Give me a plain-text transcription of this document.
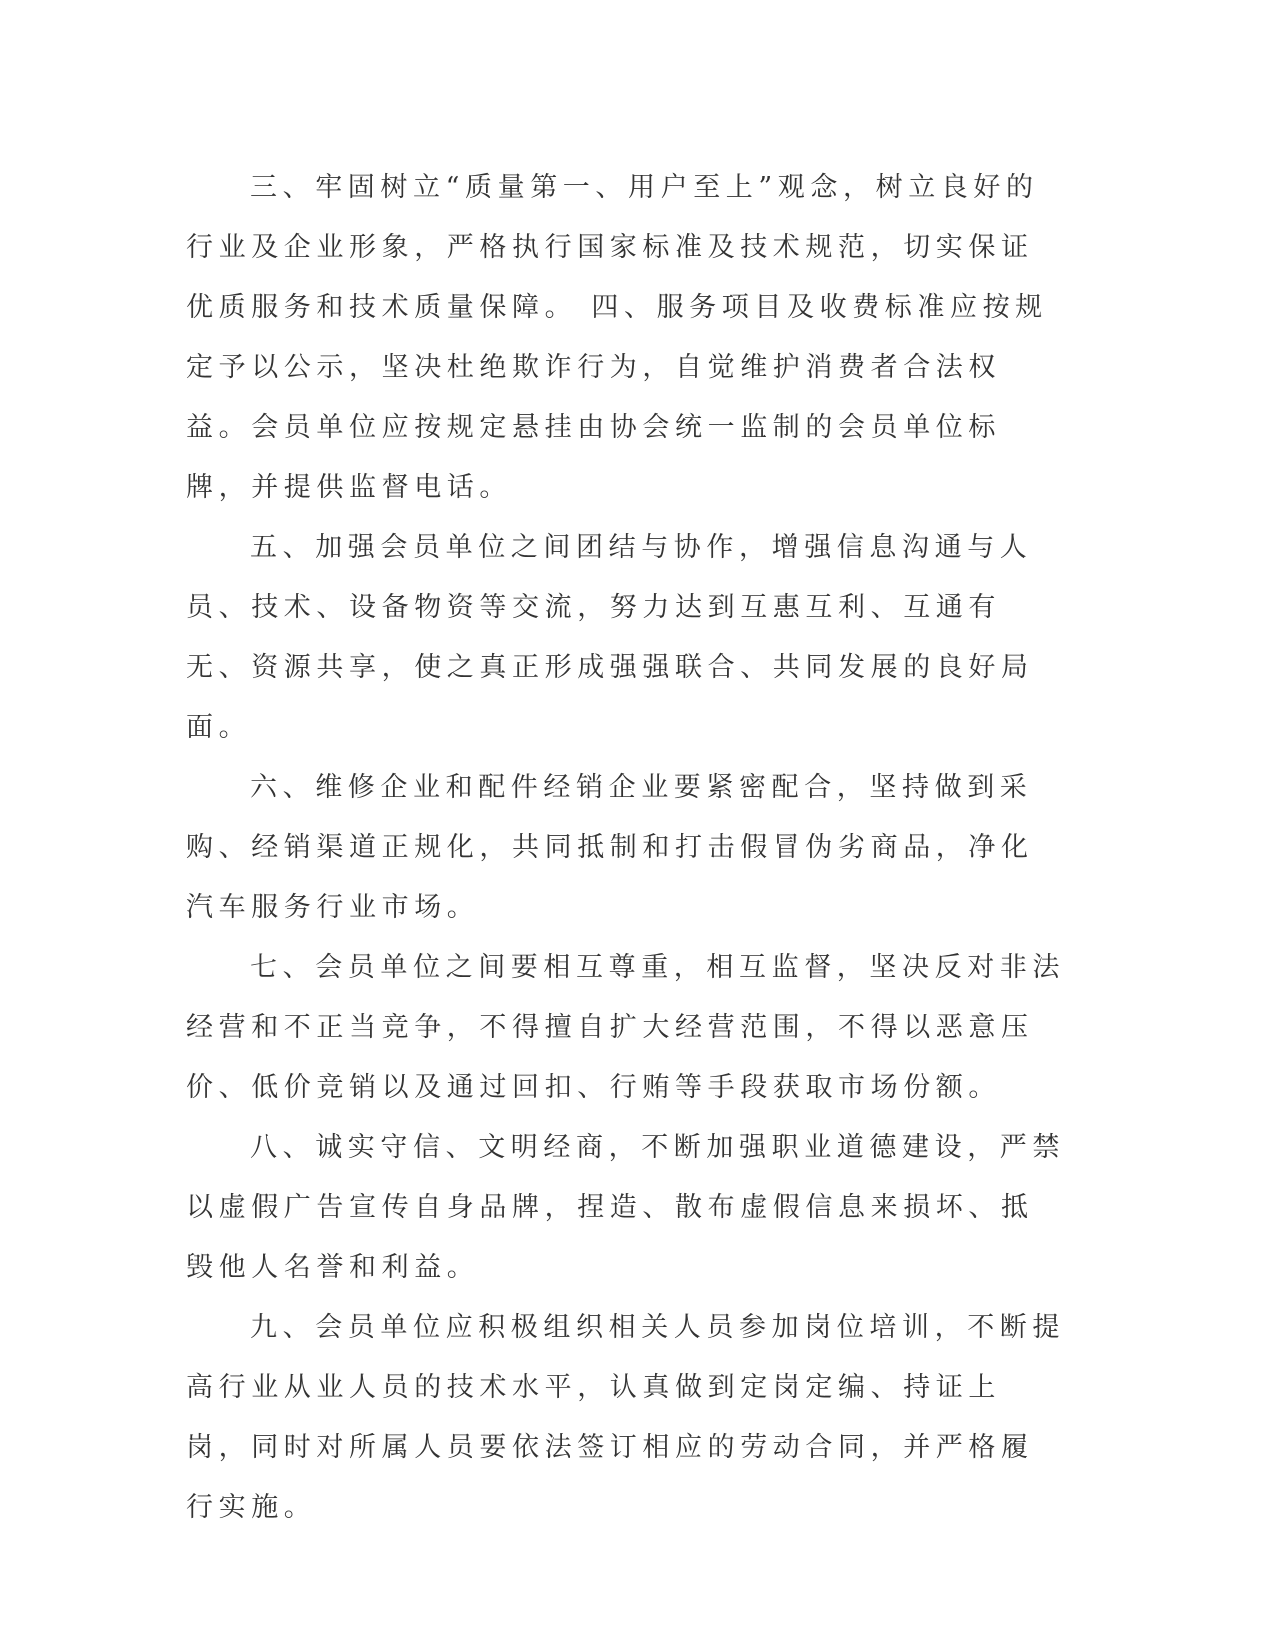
三、牢固树立“质量第一、用户至上”观念，树立良好的行业及企业形象，严格执行国家标准及技术规范，切实保证优质服务和技术质量保障。 四、服务项目及收费标准应按规定予以公示，坚决杜绝欺诈行为，自觉维护消费者合法权益。会员单位应按规定悬挂由协会统一监制的会员单位标牌，并提供监督电话。

五、加强会员单位之间团结与协作，增强信息沟通与人员、技术、设备物资等交流，努力达到互惠互利、互通有无、资源共享，使之真正形成强强联合、共同发展的良好局面。

六、维修企业和配件经销企业要紧密配合，坚持做到采购、经销渠道正规化，共同抵制和打击假冒伪劣商品，净化汽车服务行业市场。

七、会员单位之间要相互尊重，相互监督，坚决反对非法经营和不正当竞争，不得擅自扩大经营范围，不得以恶意压价、低价竞销以及通过回扣、行贿等手段获取市场份额。

八、诚实守信、文明经商，不断加强职业道德建设，严禁以虚假广告宣传自身品牌，捏造、散布虚假信息来损坏、抵毁他人名誉和利益。

九、会员单位应积极组织相关人员参加岗位培训，不断提高行业从业人员的技术水平，认真做到定岗定编、持证上岗，同时对所属人员要依法签订相应的劳动合同，并严格履行实施。
